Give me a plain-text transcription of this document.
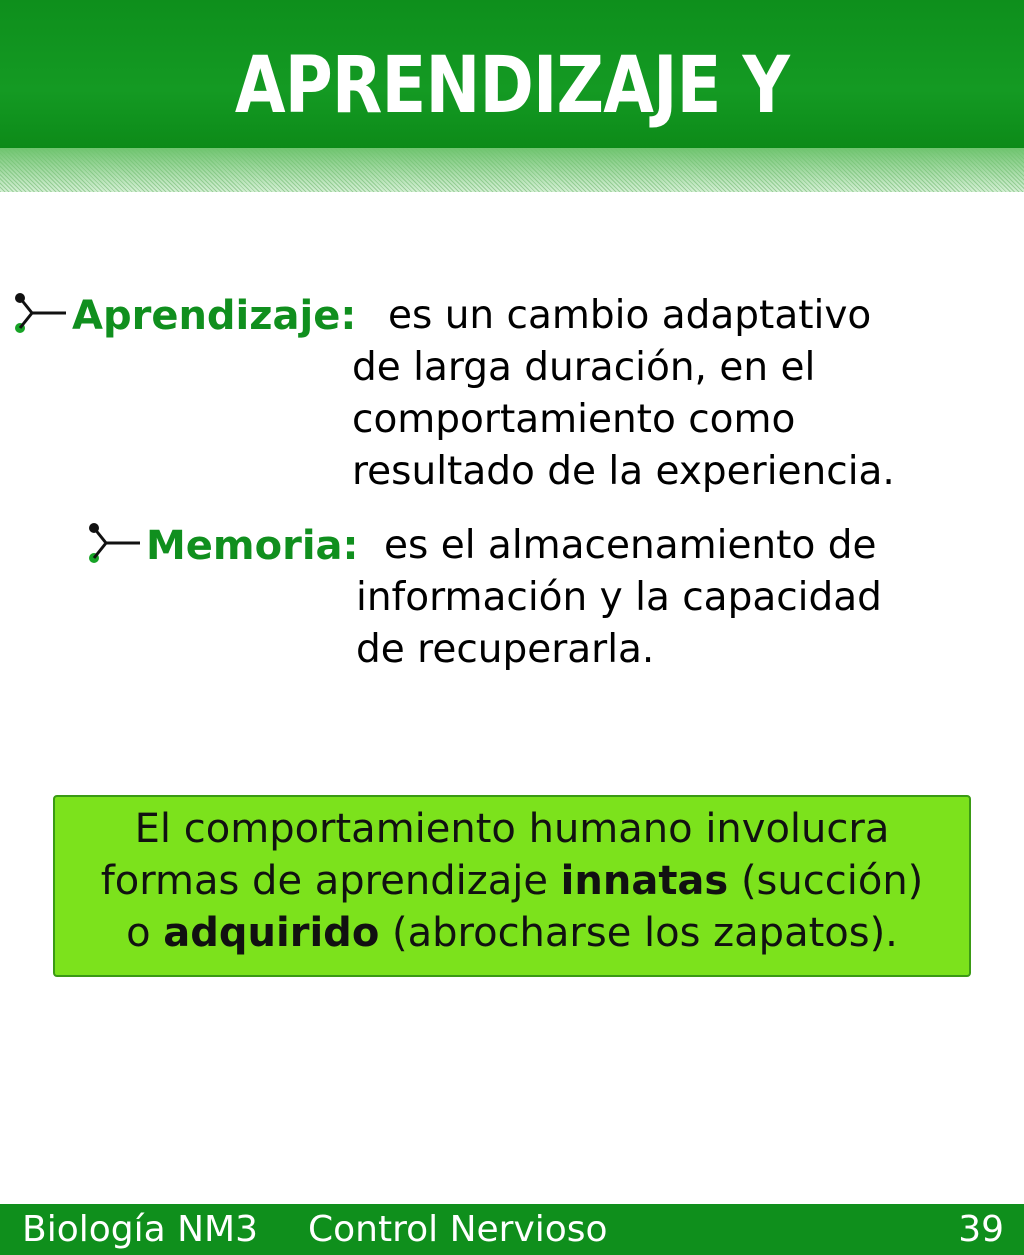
APRENDIZAJE Y
Aprendizaje: es un cambio adaptativo
de larga duración, en el
comportamiento como
resultado de la experiencia.
Memoria: es el almacenamiento de
información y la capacidad
de recuperarla.
El comportamiento humano involucra
formas de aprendizaje innatas (succión)
o adquirido (abrocharse los zapatos).
Biología NM3 Control Nervioso	39
